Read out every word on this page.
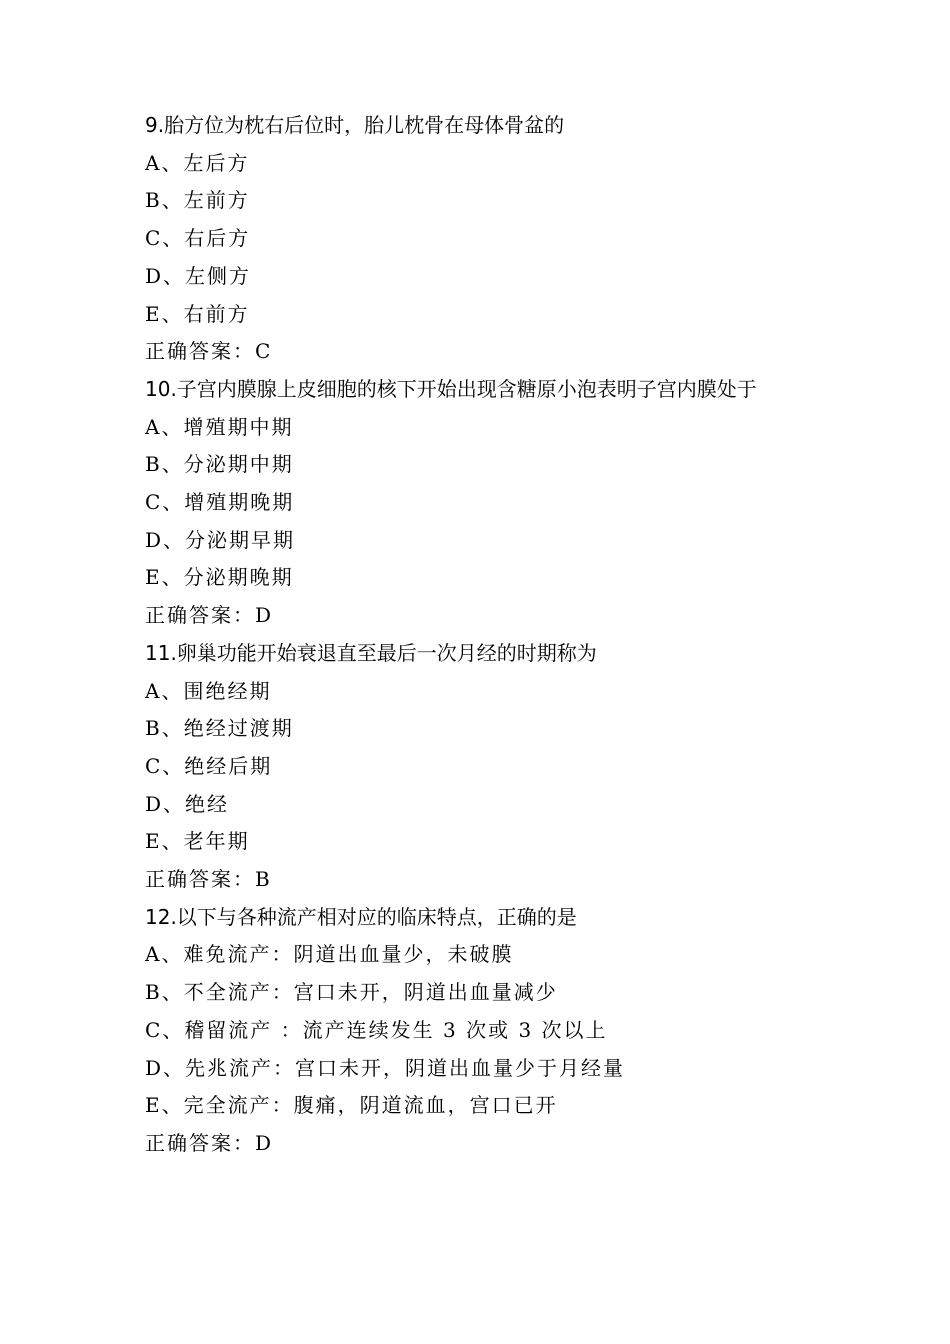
9.胎方位为枕右后位时，胎儿枕骨在母体骨盆的

A、左后方

B、左前方

C、右后方

D、左侧方

E、右前方

正确答案：C

10.子宫内膜腺上皮细胞的核下开始出现含糖原小泡表明子宫内膜处于

A、增殖期中期

B、分泌期中期

C、增殖期晚期

D、分泌期早期

E、分泌期晚期

正确答案：D

11.卵巢功能开始衰退直至最后一次月经的时期称为

A、围绝经期

B、绝经过渡期

C、绝经后期

D、绝经

E、老年期

正确答案：B

12.以下与各种流产相对应的临床特点，正确的是

A、难免流产：阴道出血量少，未破膜

B、不全流产：宫口未开，阴道出血量减少

C、稽留流产 ：流产连续发生 3 次或 3 次以上

D、先兆流产：宫口未开，阴道出血量少于月经量

E、完全流产：腹痛，阴道流血，宫口已开

正确答案：D
